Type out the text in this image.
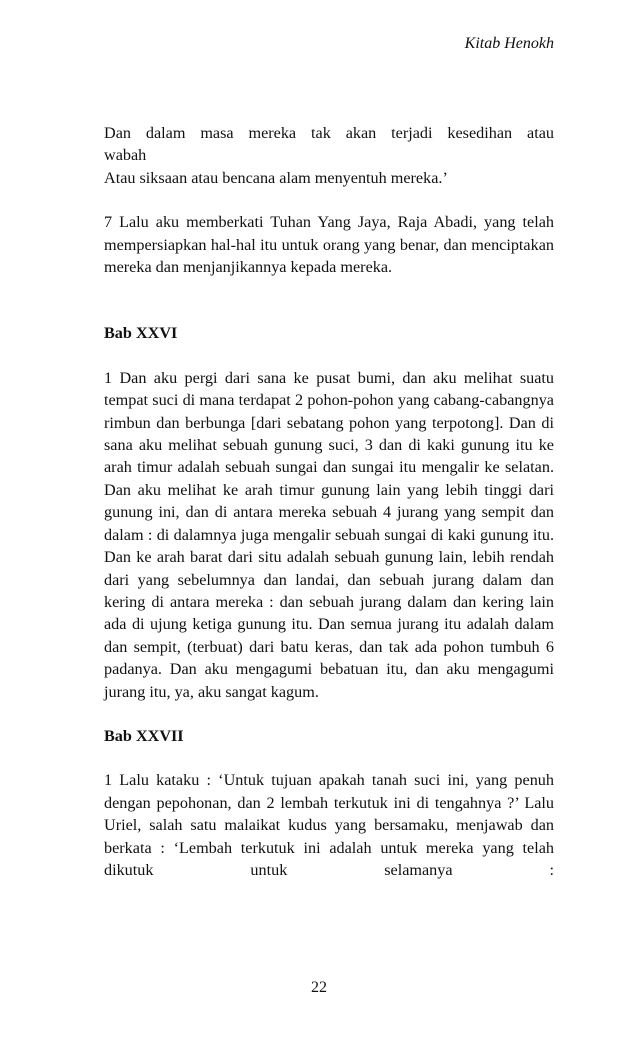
Kitab Henokh

Dan dalam masa mereka tak akan terjadi kesedihan atau

wabah

Atau siksaan atau bencana alam menyentuh mereka.’

7 Lalu aku memberkati Tuhan Yang Jaya, Raja Abadi, yang telah mempersiapkan hal-hal itu untuk orang yang benar, dan menciptakan mereka dan menjanjikannya kepada mereka.

Bab XXVI

1 Dan aku pergi dari sana ke pusat bumi, dan aku melihat suatu tempat suci di mana terdapat 2 pohon-pohon yang cabang-cabangnya rimbun dan berbunga [dari sebatang pohon yang terpotong]. Dan di sana aku melihat sebuah gunung suci, 3 dan di kaki gunung itu ke arah timur adalah sebuah sungai dan sungai itu mengalir ke selatan. Dan aku melihat ke arah timur gunung lain yang lebih tinggi dari gunung ini, dan di antara mereka sebuah 4 jurang yang sempit dan dalam : di dalamnya juga mengalir sebuah sungai di kaki gunung itu. Dan ke arah barat dari situ adalah sebuah gunung lain, lebih rendah dari yang sebelumnya dan landai, dan sebuah jurang dalam dan kering di antara mereka : dan sebuah jurang dalam dan kering lain ada di ujung ketiga gunung itu. Dan semua jurang itu adalah dalam dan sempit, (terbuat) dari batu keras, dan tak ada pohon tumbuh 6 padanya. Dan aku mengagumi bebatuan itu, dan aku mengagumi jurang itu, ya, aku sangat kagum.

Bab XXVII

1 Lalu kataku : ‘Untuk tujuan apakah tanah suci ini, yang penuh dengan pepohonan, dan 2 lembah terkutuk ini di tengahnya ?’ Lalu Uriel, salah satu malaikat kudus yang bersamaku, menjawab dan berkata : ‘Lembah terkutuk ini adalah untuk mereka yang telah dikutuk untuk selamanya :

22
